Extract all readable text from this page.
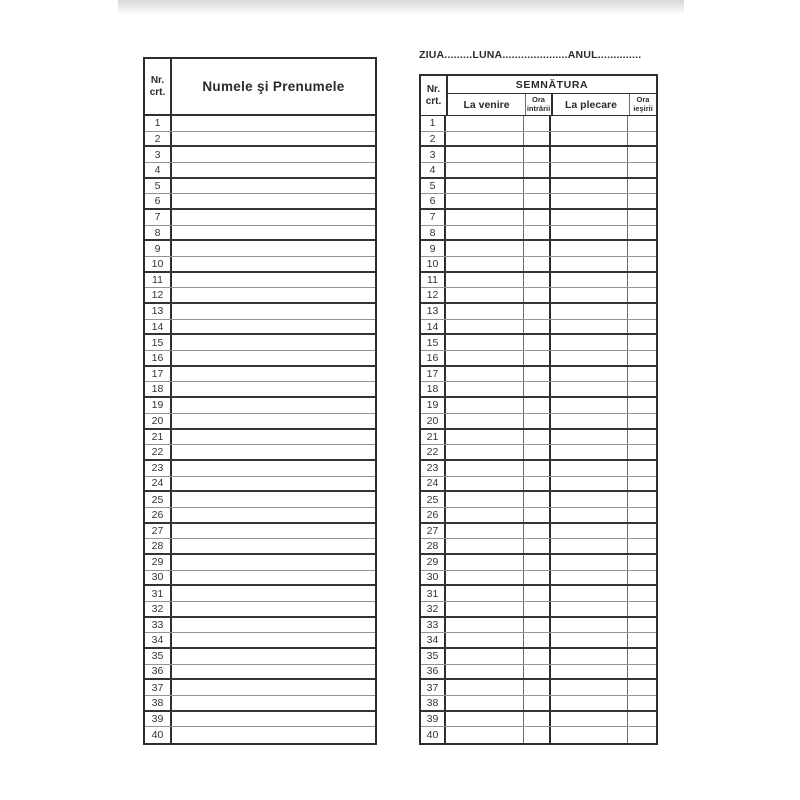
Nr.
crt.	Numele şi Prenumele
1
2
3
4
5
6
7
8
9
10
11
12
13
14
15
16
17
18
19
20
21
22
23
24
25
26
27
28
29
30
31
32
33
34
35
36
37
38
39
40
ZIUA.........LUNA.....................ANUL..............
Nr.
crt.
SEMNĂTURA
La venire	Ora intrării	La plecare	Ora ieşirii
1
2
3
4
5
6
7
8
9
10
11
12
13
14
15
16
17
18
19
20
21
22
23
24
25
26
27
28
29
30
31
32
33
34
35
36
37
38
39
40
